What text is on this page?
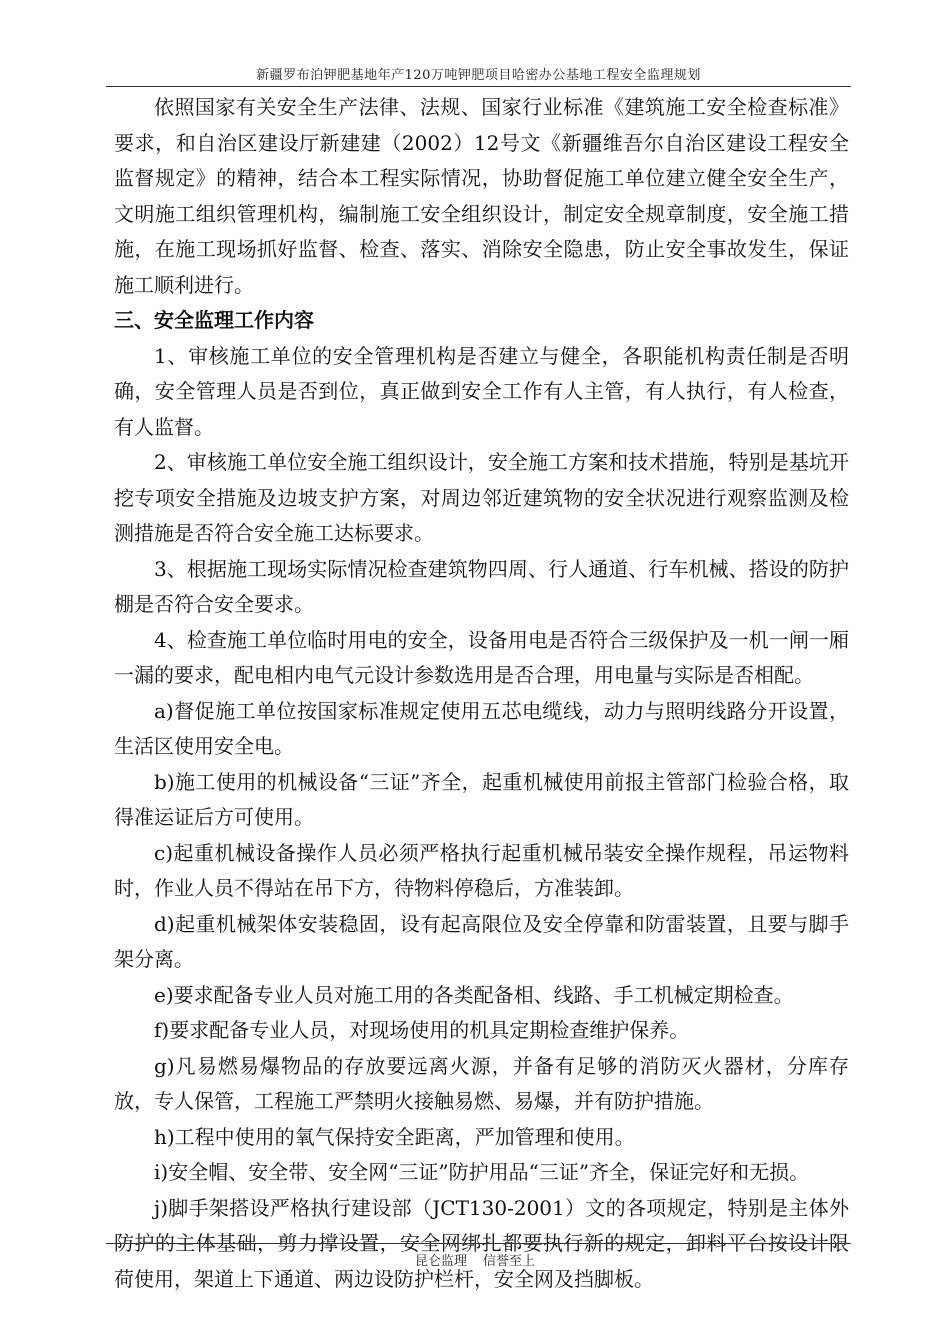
新疆罗布泊钾肥基地年产120万吨钾肥项目哈密办公基地工程安全监理规划

依照国家有关安全生产法律、法规、国家行业标准《建筑施工安全检查标准》要求，和自治区建设厅新建建（2002）12号文《新疆维吾尔自治区建设工程安全监督规定》的精神，结合本工程实际情况，协助督促施工单位建立健全安全生产，文明施工组织管理机构，编制施工安全组织设计，制定安全规章制度，安全施工措施，在施工现场抓好监督、检查、落实、消除安全隐患，防止安全事故发生，保证施工顺利进行。

三、安全监理工作内容

1、审核施工单位的安全管理机构是否建立与健全，各职能机构责任制是否明确，安全管理人员是否到位，真正做到安全工作有人主管，有人执行，有人检查，有人监督。

2、审核施工单位安全施工组织设计，安全施工方案和技术措施，特别是基坑开挖专项安全措施及边坡支护方案，对周边邻近建筑物的安全状况进行观察监测及检测措施是否符合安全施工达标要求。

3、根据施工现场实际情况检查建筑物四周、行人通道、行车机械、搭设的防护棚是否符合安全要求。

4、检查施工单位临时用电的安全，设备用电是否符合三级保护及一机一闸一厢一漏的要求，配电相内电气元设计参数选用是否合理，用电量与实际是否相配。

a)督促施工单位按国家标准规定使用五芯电缆线，动力与照明线路分开设置，生活区使用安全电。

b)施工使用的机械设备“三证”齐全，起重机械使用前报主管部门检验合格，取得准运证后方可使用。

c)起重机械设备操作人员必须严格执行起重机械吊装安全操作规程，吊运物料时，作业人员不得站在吊下方，待物料停稳后，方准装卸。

d)起重机械架体安装稳固，设有起高限位及安全停靠和防雷装置，且要与脚手架分离。

e)要求配备专业人员对施工用的各类配备相、线路、手工机械定期检查。

f)要求配备专业人员，对现场使用的机具定期检查维护保养。

g)凡易燃易爆物品的存放要远离火源，并备有足够的消防灭火器材，分库存放，专人保管，工程施工严禁明火接触易燃、易爆，并有防护措施。

h)工程中使用的氧气保持安全距离，严加管理和使用。

i)安全帽、安全带、安全网“三证”防护用品“三证”齐全，保证完好和无损。

j)脚手架搭设严格执行建设部（JCT130-2001）文的各项规定，特别是主体外防护的主体基础，剪力撑设置，安全网绑扎都要执行新的规定，卸料平台按设计限荷使用，架道上下通道、两边设防护栏杆，安全网及挡脚板。

昆仑监理 信誉至上
